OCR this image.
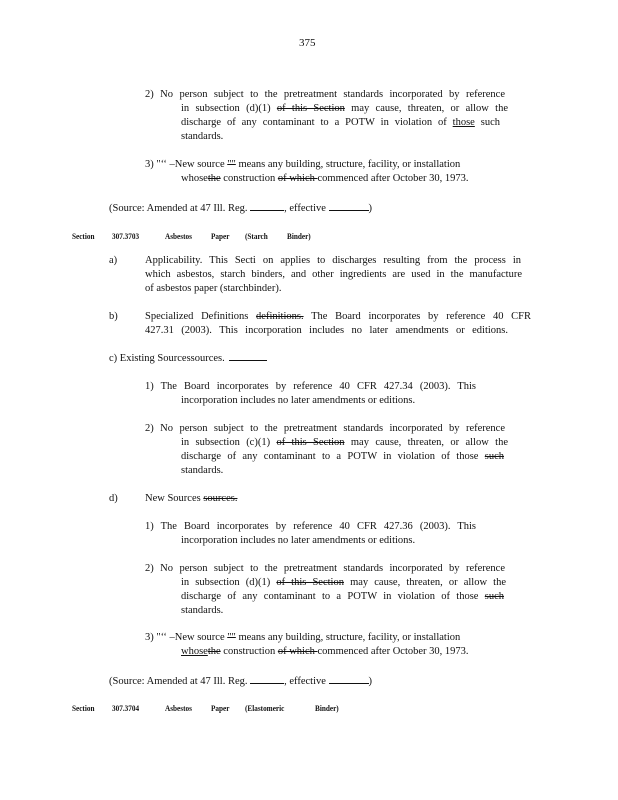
375
2) No person subject to the pretreatment standards incorporated by reference
in subsection (d)(1) of this Section may cause, threaten, or allow the
discharge of any contaminant to a POTW in violation of those such
standards.
3) "‘‘ –New source "" means any building, structure, facility, or installation
whosethe construction of which commenced after October 30, 1973.
(Source: Amended at 47 Ill. Reg.	, effective	)
Section 307.3703	Asbestos Paper (Starch Binder)
a)	Applicability. This Secti on applies to discharges resulting from the process in
which asbestos, starch binders, and other ingredients are used in the manufacture
of asbestos paper (starchbinder).
b)	Specialized Definitions definitions. The Board incorporates by reference 40 CFR
427.31 (2003). This incorporation includes no later amendments or editions.
c) Existing Sourcessources.
1) The Board incorporates by reference 40 CFR 427.34 (2003). This
incorporation includes no later amendments or editions.
2) No person subject to the pretreatment standards incorporated by reference
in subsection (c)(1) of this Section may cause, threaten, or allow the
discharge of any contaminant to a POTW in violation of those such
standards.
d)	New Sources sources.
1) The Board incorporates by reference 40 CFR 427.36 (2003). This
incorporation includes no later amendments or editions.
2) No person subject to the pretreatment standards incorporated by reference
in subsection (d)(1) of this Section may cause, threaten, or allow the
discharge of any contaminant to a POTW in violation of those such
standards.
3) "‘‘ –New source "" means any building, structure, facility, or installation
whosethe construction of which commenced after October 30, 1973.
(Source: Amended at 47 Ill. Reg.	, effective	)
Section 307.3704	Asbestos Paper (Elastomeric	Binder)
